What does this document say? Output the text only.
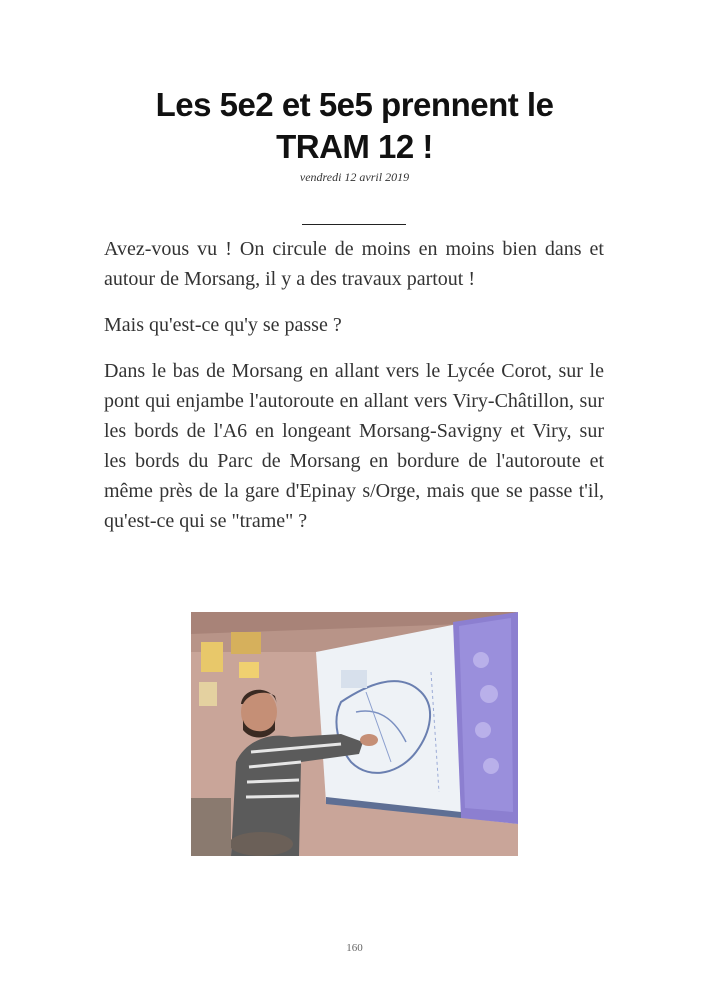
Les 5e2 et 5e5 prennent le
TRAM 12 !
vendredi 12 avril 2019

Avez-vous vu ! On circule de moins en moins bien dans et autour de Morsang, il y a des travaux partout !

Mais qu'est-ce qu'y se passe ?

Dans le bas de Morsang en allant vers le Lycée Corot, sur le pont qui enjambe l'autoroute en allant vers Viry-Châtillon, sur les bords de l'A6 en longeant Morsang-Savigny et Viry, sur les bords du Parc de Morsang en bordure de l'autoroute et même près de la gare d'Epinay s/Orge, mais que se passe t'il, qu'est-ce qui se "trame" ?

160
